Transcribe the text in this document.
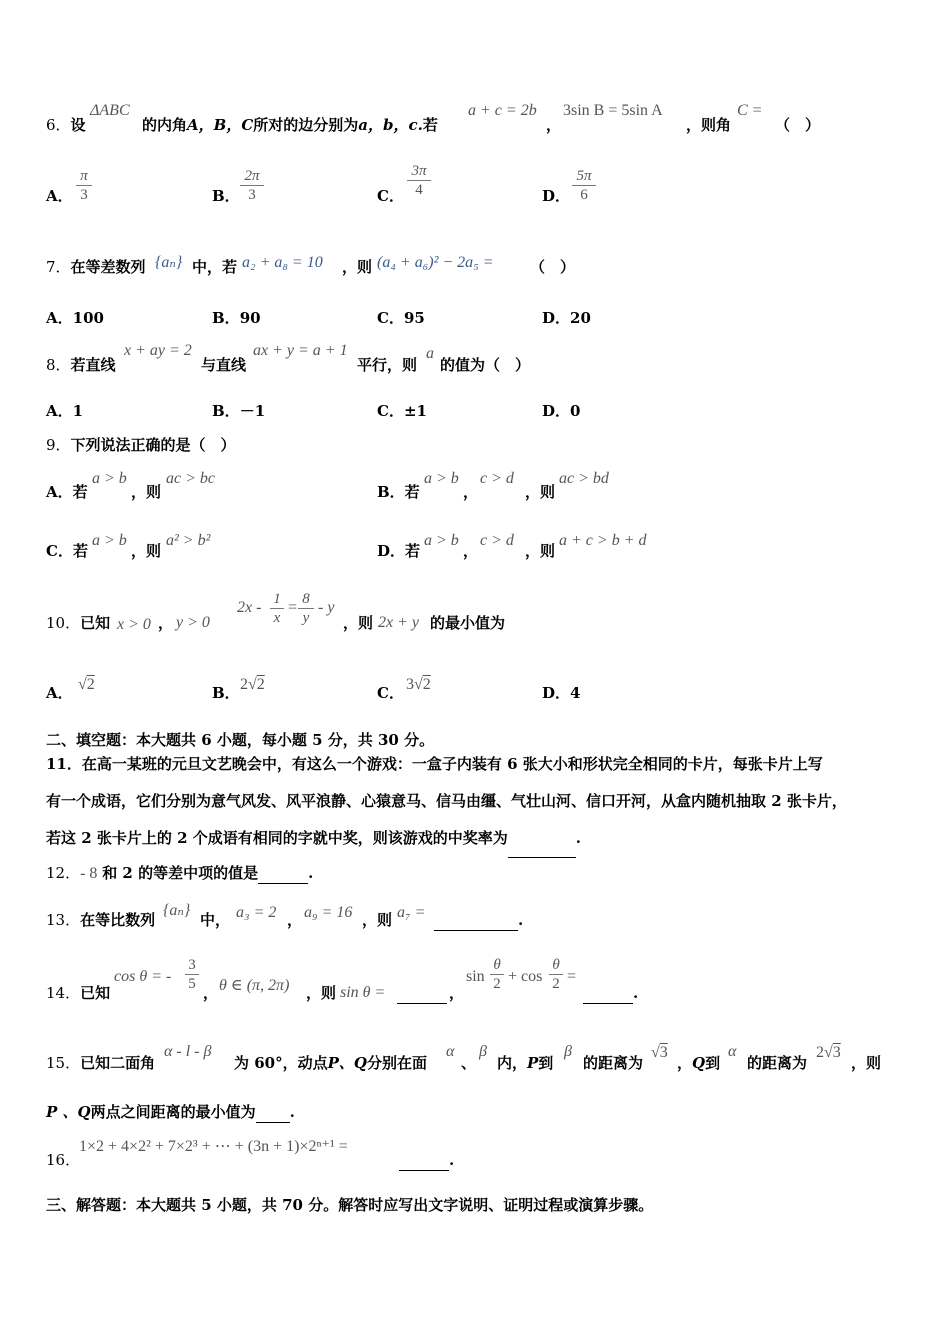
6．设
ΔABC
的内角A，B，C所对的边分别为a，b，c.若
a + c = 2b
，
3sin B = 5sin A
，则角
C =
（　）
A． $\frac{\pi}{3}$	B． $\frac{2\pi}{3}$	C． $\frac{3\pi}{4}$	D． $\frac{5\pi}{6}$
7．在等差数列 {aₙ} 中，若 a₂ + a₈ = 10 ，则 (a₄ + a₆)² − 2a₅ = （　）
A．100	B．90	C．95	D．20
8．若直线
x + ay = 2
与直线
ax + y = a + 1
平行，则
a
的值为（　）
A．1	B．－1	C．±1	D．0
9．下列说法正确的是（　）
A．若
a > b
，则
ac > bc
B．若
a > b
，
c > d
，则
ac > bd
C．若
a > b
，则
a² > b²
D．若
a > b
，
c > d
，则
a + c > b + d
10．已知 x > 0 ， y > 0
$2x - \frac{1}{x} = \frac{8}{y} - y$
，则 2x + y 的最小值为
A． √2	B． 2√2	C． 3√2	D．4
二、填空题：本大题共 6 小题，每小题 5 分，共 30 分。
11．在高一某班的元旦文艺晚会中，有这么一个游戏：一盒子内装有 6 张大小和形状完全相同的卡片，每张卡片上写
有一个成语，它们分别为意气风发、风平浪静、心猿意马、信马由缰、气壮山河、信口开河，从盒内随机抽取 2 张卡片，
若这 2 张卡片上的 2 个成语有相同的字就中奖，则该游戏的中奖率为	.
12．- 8 和 2 的等差中项的值是	.
13．在等比数列
{aₙ}
中， a₃ = 2 ， a₉ = 16 ，则 a₇ =	.
14．已知
cos θ = - $\frac{3}{5}$ ， θ ∈ (π, 2π) ，则 sin θ =
	，
$\sin \frac{\theta}{2} + \cos \frac{\theta}{2}$ =
.
15．已知二面角
α - l - β
为 60°，动点P、Q分别在面
α
、
β
内，P到
β
的距离为
√3
，Q到
α
的距离为
2√3
，则
P 、Q两点之间距离的最小值为 .
16．
1×2 + 4×2² + 7×2³ + ⋯ + (3n + 1)×2ⁿ⁺¹ =
.
三、解答题：本大题共 5 小题，共 70 分。解答时应写出文字说明、证明过程或演算步骤。
